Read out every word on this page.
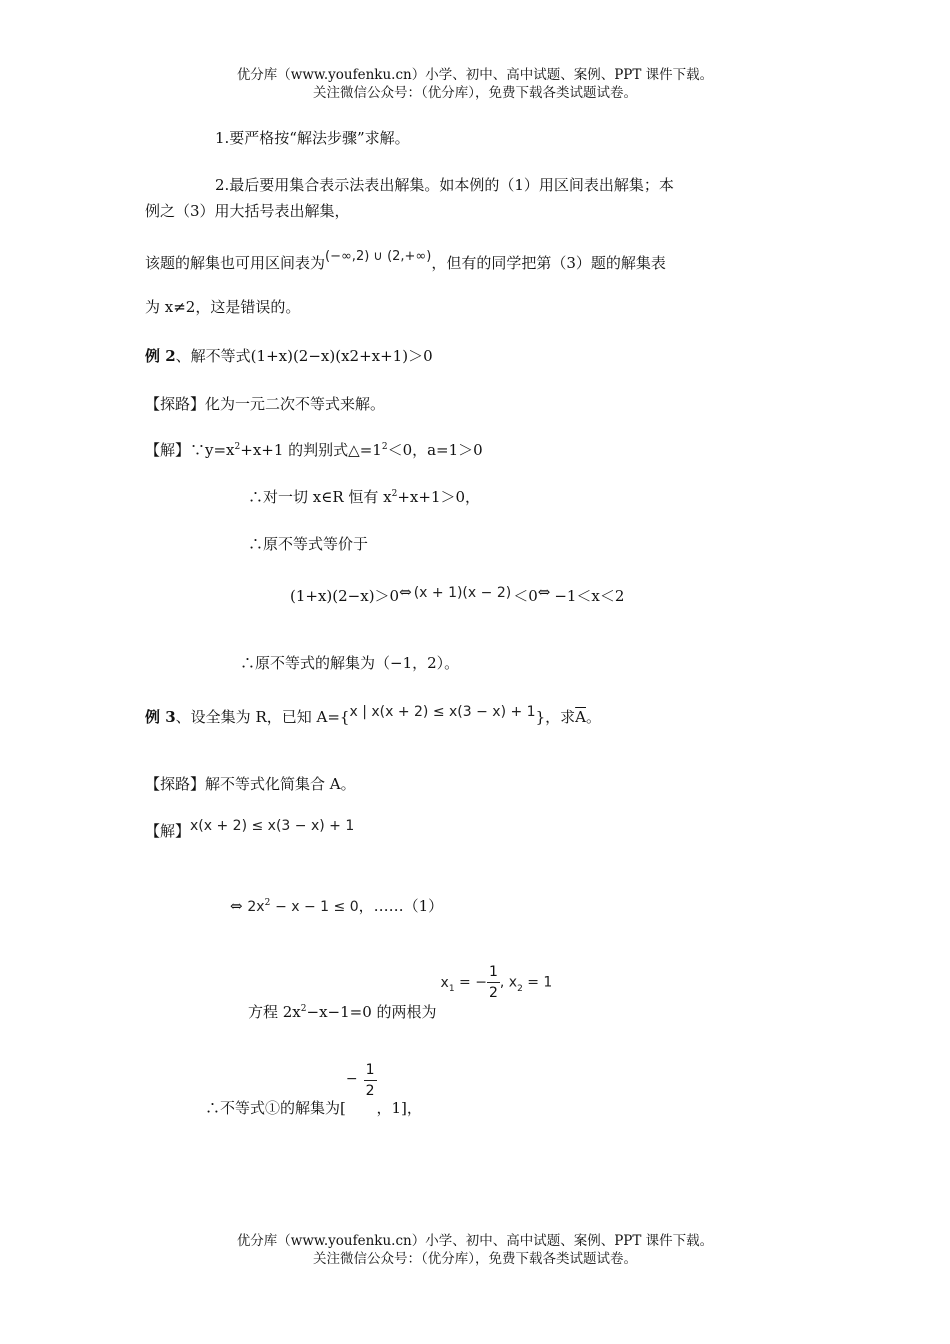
优分库（www.youfenku.cn）小学、初中、高中试题、案例、PPT 课件下载。
关注微信公众号：（优分库），免费下载各类试题试卷。
1.要严格按“解法步骤”求解。
2.最后要用集合表示法表出解集。如本例的（1）用区间表出解集；本
例之（3）用大括号表出解集，
该题的解集也可用区间表为(−∞,2) ∪ (2,+∞)，但有的同学把第（3）题的解集表
为 x≠2，这是错误的。
例 2、解不等式(1+x)(2−x)(x2+x+1)＞0
【探路】化为一元二次不等式来解。
【解】$\because y=x^2+x+1$ 的判别式$\triangle=1^2<0$，a=1＞0
∴对一切 x∈R 恒有 $x^2+x+1>0$，
∴原不等式等价于
(1+x)(2−x)＞0⇔ (x + 1)(x − 2) ＜0⇔ −1＜x＜2
∴原不等式的解集为（−1，2）。
例 3、设全集为 R，已知 A={x | x(x + 2) ≤ x(3 − x) + 1}，求$\overline{A}$。
【探路】解不等式化简集合 A。
【解】x(x + 2) ≤ x(3 − x) + 1
⇔ $2x^2 - x - 1 \le 0$，……（1）
方程 $2x_2-x-1=0$ 的两根为$x_1$ = − $\frac{1}{2}$ , $x_2 = 1$
∴不等式①的解集为[− $\frac{1}{2}$
，1]，
优分库（www.youfenku.cn）小学、初中、高中试题、案例、PPT 课件下载。
关注微信公众号：（优分库），免费下载各类试题试卷。
